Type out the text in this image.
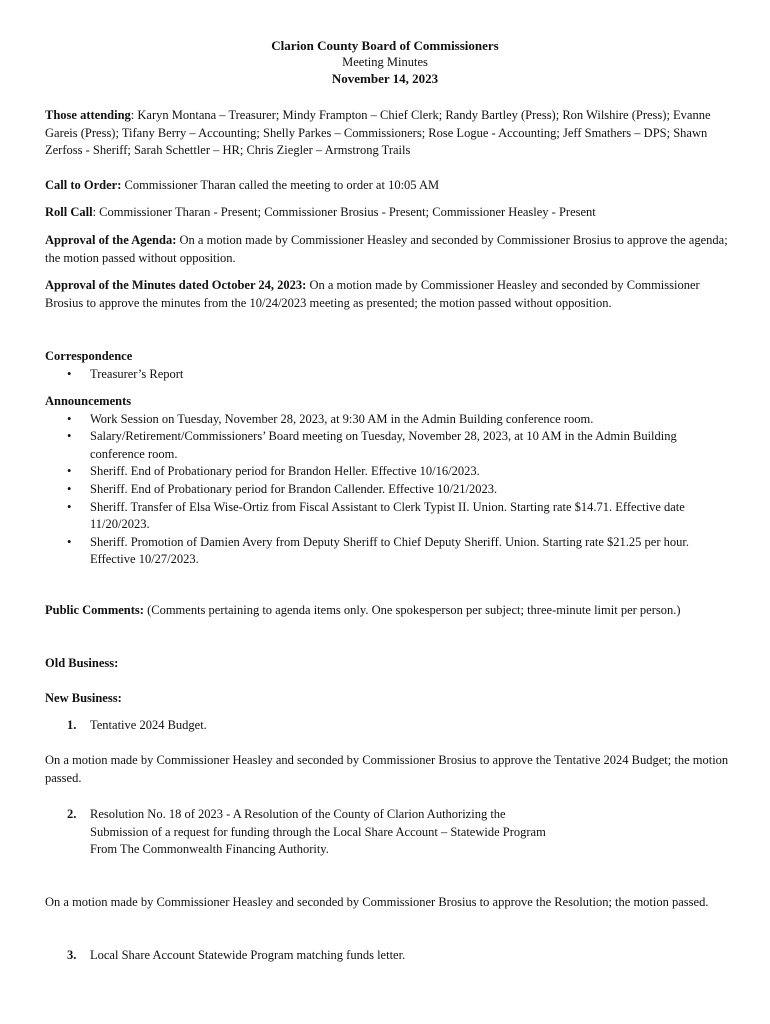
Clarion County Board of Commissioners
Meeting Minutes
November 14, 2023

Those attending: Karyn Montana – Treasurer; Mindy Frampton – Chief Clerk; Randy Bartley (Press); Ron Wilshire (Press); Evanne Gareis (Press); Tifany Berry – Accounting; Shelly Parkes – Commissioners; Rose Logue - Accounting; Jeff Smathers – DPS; Shawn Zerfoss - Sheriff; Sarah Schettler – HR; Chris Ziegler – Armstrong Trails

Call to Order: Commissioner Tharan called the meeting to order at 10:05 AM

Roll Call: Commissioner Tharan - Present; Commissioner Brosius - Present; Commissioner Heasley - Present

Approval of the Agenda: On a motion made by Commissioner Heasley and seconded by Commissioner Brosius to approve the agenda; the motion passed without opposition.

Approval of the Minutes dated October 24, 2023: On a motion made by Commissioner Heasley and seconded by Commissioner Brosius to approve the minutes from the 10/24/2023 meeting as presented; the motion passed without opposition.

Correspondence
• Treasurer’s Report
Announcements
• Work Session on Tuesday, November 28, 2023, at 9:30 AM in the Admin Building conference room.
• Salary/Retirement/Commissioners’ Board meeting on Tuesday, November 28, 2023, at 10 AM in the Admin Building conference room.
• Sheriff. End of Probationary period for Brandon Heller. Effective 10/16/2023.
• Sheriff. End of Probationary period for Brandon Callender. Effective 10/21/2023.
• Sheriff. Transfer of Elsa Wise-Ortiz from Fiscal Assistant to Clerk Typist II. Union. Starting rate $14.71. Effective date 11/20/2023.
• Sheriff. Promotion of Damien Avery from Deputy Sheriff to Chief Deputy Sheriff. Union. Starting rate $21.25 per hour. Effective 10/27/2023.

Public Comments: (Comments pertaining to agenda items only. One spokesperson per subject; three-minute limit per person.)

Old Business:
New Business:
1. Tentative 2024 Budget.

On a motion made by Commissioner Heasley and seconded by Commissioner Brosius to approve the Tentative 2024 Budget; the motion passed.

2. Resolution No. 18 of 2023 - A Resolution of the County of Clarion Authorizing the
Submission of a request for funding through the Local Share Account – Statewide Program
From The Commonwealth Financing Authority.

On a motion made by Commissioner Heasley and seconded by Commissioner Brosius to approve the Resolution; the motion passed.

3. Local Share Account Statewide Program matching funds letter.
